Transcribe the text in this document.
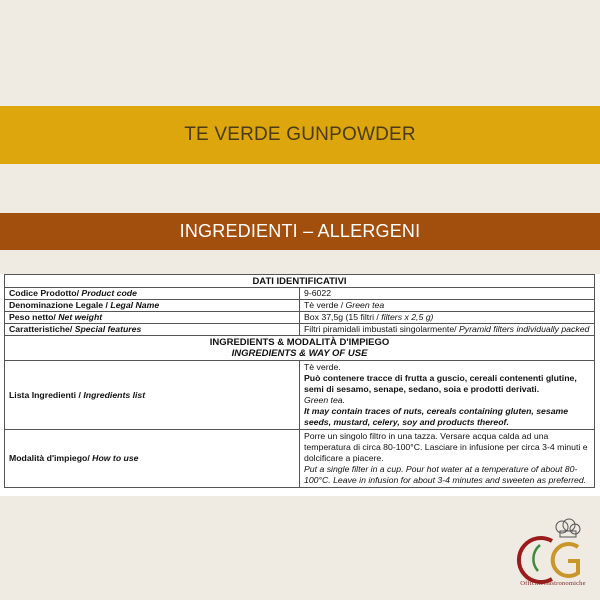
TE VERDE GUNPOWDER
INGREDIENTI – ALLERGENI
DATI IDENTIFICATIVI	
Codice Prodotto/ Product code	9-6022
Denominazione Legale / Legal Name	Tè verde / Green tea
Peso netto/ Net weight	Box 37,5g (15 filtri / filters x 2,5 g)
Caratteristiche/ Special features	Filtri piramidali imbustati singolarmente/ Pyramid filters individually packed
INGREDIENTS & MODALITÀ D'IMPIEGO
INGREDIENTS & WAY OF USE	

Lista Ingredienti / Ingredients list	Tè verde.
Può contenere tracce di frutta a guscio, cereali contenenti glutine, semi di sesamo, senape, sedano, soia e prodotti derivati.
Green tea.
It may contain traces of nuts, cereals containing gluten, sesame seeds, mustard, celery, soy and products thereof.

Modalità d'impiego/ How to use	Porre un singolo filtro in una tazza. Versare acqua calda ad una temperatura di circa 80-100°C. Lasciare in infusione per circa 3-4 minuti e dolcificare a piacere.
Put a single filter in a cup. Pour hot water at a temperature of about 80-100°C. Leave in infusion for about 3-4 minutes and sweeten as preferred.
OfficineGastronomiche
